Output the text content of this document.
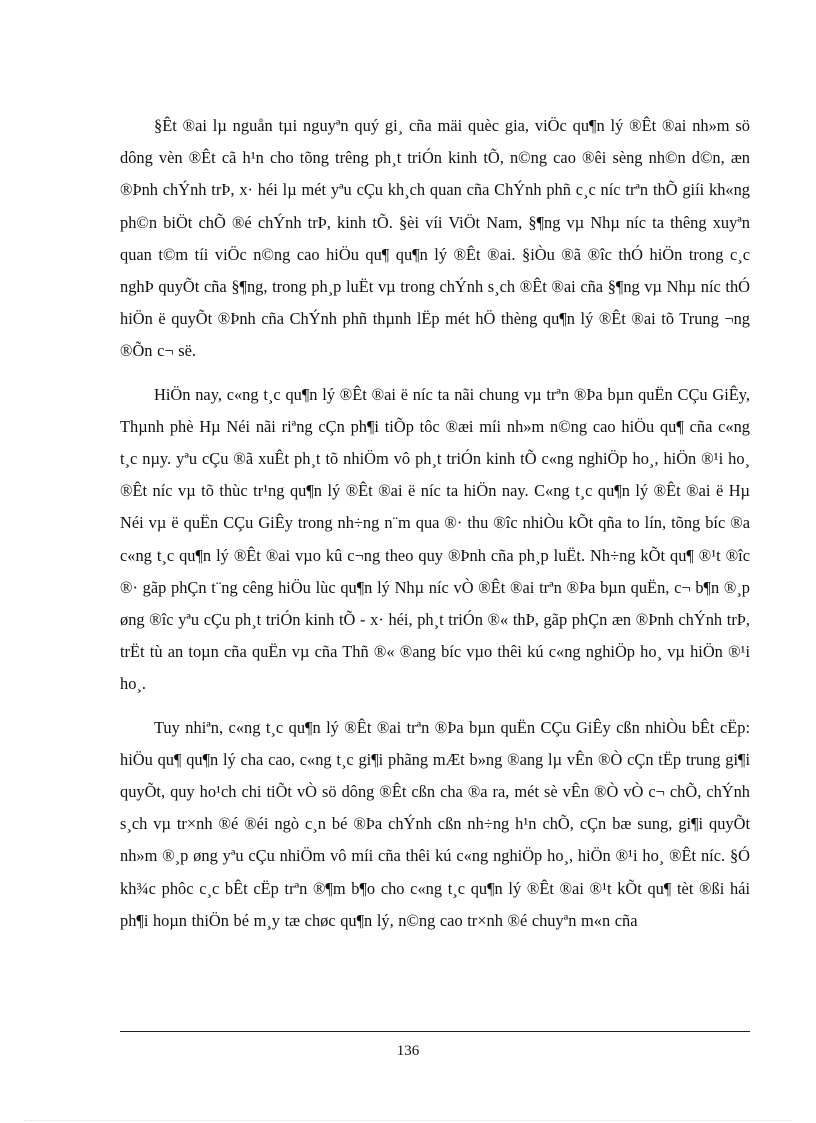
§Êt ®ai lµ nguån tµi nguyªn quý gi¸ cña mäi quèc gia, viÖc qu¶n lý ®Êt ®ai nh»m sö dông vèn ®Êt cã h¹n cho tõng trêng ph¸t triÓn kinh tÕ, n©ng cao ®êi sèng nh©n d©n, æn ®Þnh chÝnh trÞ, x· héi lµ mét yªu cÇu kh¸ch quan cña ChÝnh phñ c¸c níc trªn thÕ giíi kh«ng ph©n biÖt chÕ ®é chÝnh trÞ, kinh tÕ. §èi víi ViÖt Nam, §¶ng vµ Nhµ níc ta thêng xuyªn quan t©m tíi viÖc n©ng cao hiÖu qu¶ qu¶n lý ®Êt ®ai. §iÒu ®ã ®îc thÓ hiÖn trong c¸c nghÞ quyÕt cña §¶ng, trong ph¸p luËt vµ trong chÝnh s¸ch ®Êt ®ai cña §¶ng vµ Nhµ níc thÓ hiÖn ë quyÕt ®Þnh cña ChÝnh phñ thµnh lËp mét hÖ thèng qu¶n lý ®Êt ®ai tõ Trung ¬ng ®Õn c¬ së.

HiÖn nay, c«ng t¸c qu¶n lý ®Êt ®ai ë níc ta nãi chung vµ trªn ®Þa bµn quËn CÇu GiÊy, Thµnh phè Hµ Néi nãi riªng cÇn ph¶i tiÕp tôc ®æi míi nh»m n©ng cao hiÖu qu¶ cña c«ng t¸c nµy. yªu cÇu ®ã xuÊt ph¸t tõ nhiÖm vô ph¸t triÓn kinh tÕ c«ng nghiÖp ho¸, hiÖn ®¹i ho¸ ®Êt níc vµ tõ thùc tr¹ng qu¶n lý ®Êt ®ai ë níc ta hiÖn nay. C«ng t¸c qu¶n lý ®Êt ®ai ë Hµ Néi vµ ë quËn CÇu GiÊy trong nh÷ng n¨m qua ®· thu ®îc nhiÒu kÕt qña to lín, tõng bíc ®a c«ng t¸c qu¶n lý ®Êt ®ai vµo kû c¬ng theo quy ®Þnh cña ph¸p luËt. Nh÷ng kÕt qu¶ ®¹t ®îc ®· gãp phÇn t¨ng cêng hiÖu lùc qu¶n lý Nhµ níc vÒ ®Êt ®ai trªn ®Þa bµn quËn, c¬ b¶n ®¸p øng ®îc yªu cÇu ph¸t triÓn kinh tÕ - x· héi, ph¸t triÓn ®« thÞ, gãp phÇn æn ®Þnh chÝnh trÞ, trËt tù an toµn cña quËn vµ cña Thñ ®« ®ang bíc vµo thêi kú c«ng nghiÖp ho¸ vµ hiÖn ®¹i ho¸.

Tuy nhiªn, c«ng t¸c qu¶n lý ®Êt ®ai trªn ®Þa bµn quËn CÇu GiÊy cßn nhiÒu bÊt cËp: hiÖu qu¶ qu¶n lý cha cao, c«ng t¸c gi¶i phãng mÆt b»ng ®ang lµ vÊn ®Ò cÇn tËp trung gi¶i quyÕt, quy ho¹ch chi tiÕt vÒ sö dông ®Êt cßn cha ®a ra, mét sè vÊn ®Ò vÒ c¬ chÕ, chÝnh s¸ch vµ tr×nh ®é ®éi ngò c¸n bé ®Þa chÝnh cßn nh÷ng h¹n chÕ, cÇn bæ sung, gi¶i quyÕt nh»m ®¸p øng yªu cÇu nhiÖm vô míi cña thêi kú c«ng nghiÖp ho¸, hiÖn ®¹i ho¸ ®Êt níc. §Ó kh¾c phôc c¸c bÊt cËp trªn ®¶m b¶o cho c«ng t¸c qu¶n lý ®Êt ®ai ®¹t kÕt qu¶ tèt ®ßi hái ph¶i hoµn thiÖn bé m¸y tæ chøc qu¶n lý, n©ng cao tr×nh ®é chuyªn m«n cña

136
